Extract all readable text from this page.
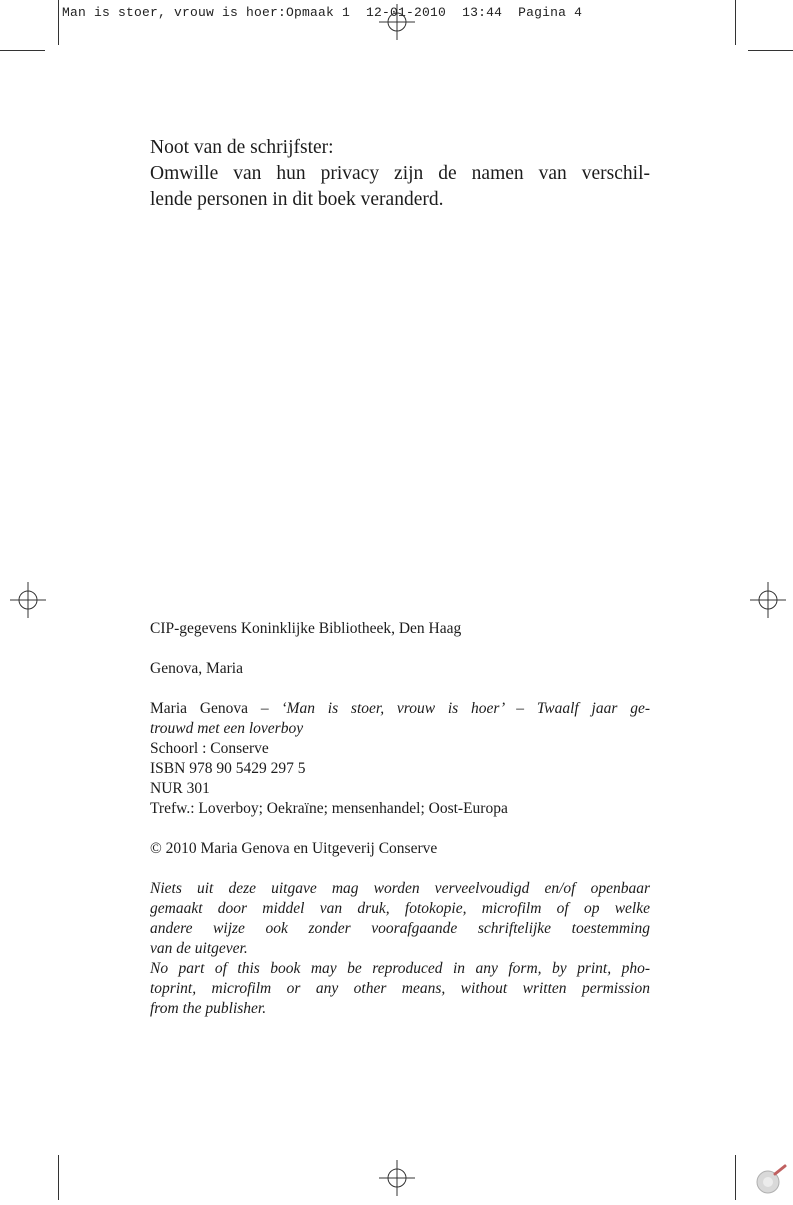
Man is stoer, vrouw is hoer:Opmaak 1  12-01-2010  13:44  Pagina 4
Noot van de schrijfster:
Omwille van hun privacy zijn de namen van verschil-
lende personen in dit boek veranderd.
CIP-gegevens Koninklijke Bibliotheek, Den Haag
Genova, Maria
Maria Genova – ‘Man is stoer, vrouw is hoer’ – Twaalf jaar ge-
trouwd met een loverboy
Schoorl : Conserve
ISBN 978 90 5429 297 5
NUR 301
Trefw.: Loverboy; Oekraïne; mensenhandel; Oost-Europa
© 2010 Maria Genova en Uitgeverij Conserve
Niets uit deze uitgave mag worden verveelvoudigd en/of openbaar
gemaakt door middel van druk, fotokopie, microfilm of op welke
andere wijze ook zonder voorafgaande schriftelijke toestemming
van de uitgever.
No part of this book may be reproduced in any form, by print, pho-
toprint, microfilm or any other means, without written permission
from the publisher.
